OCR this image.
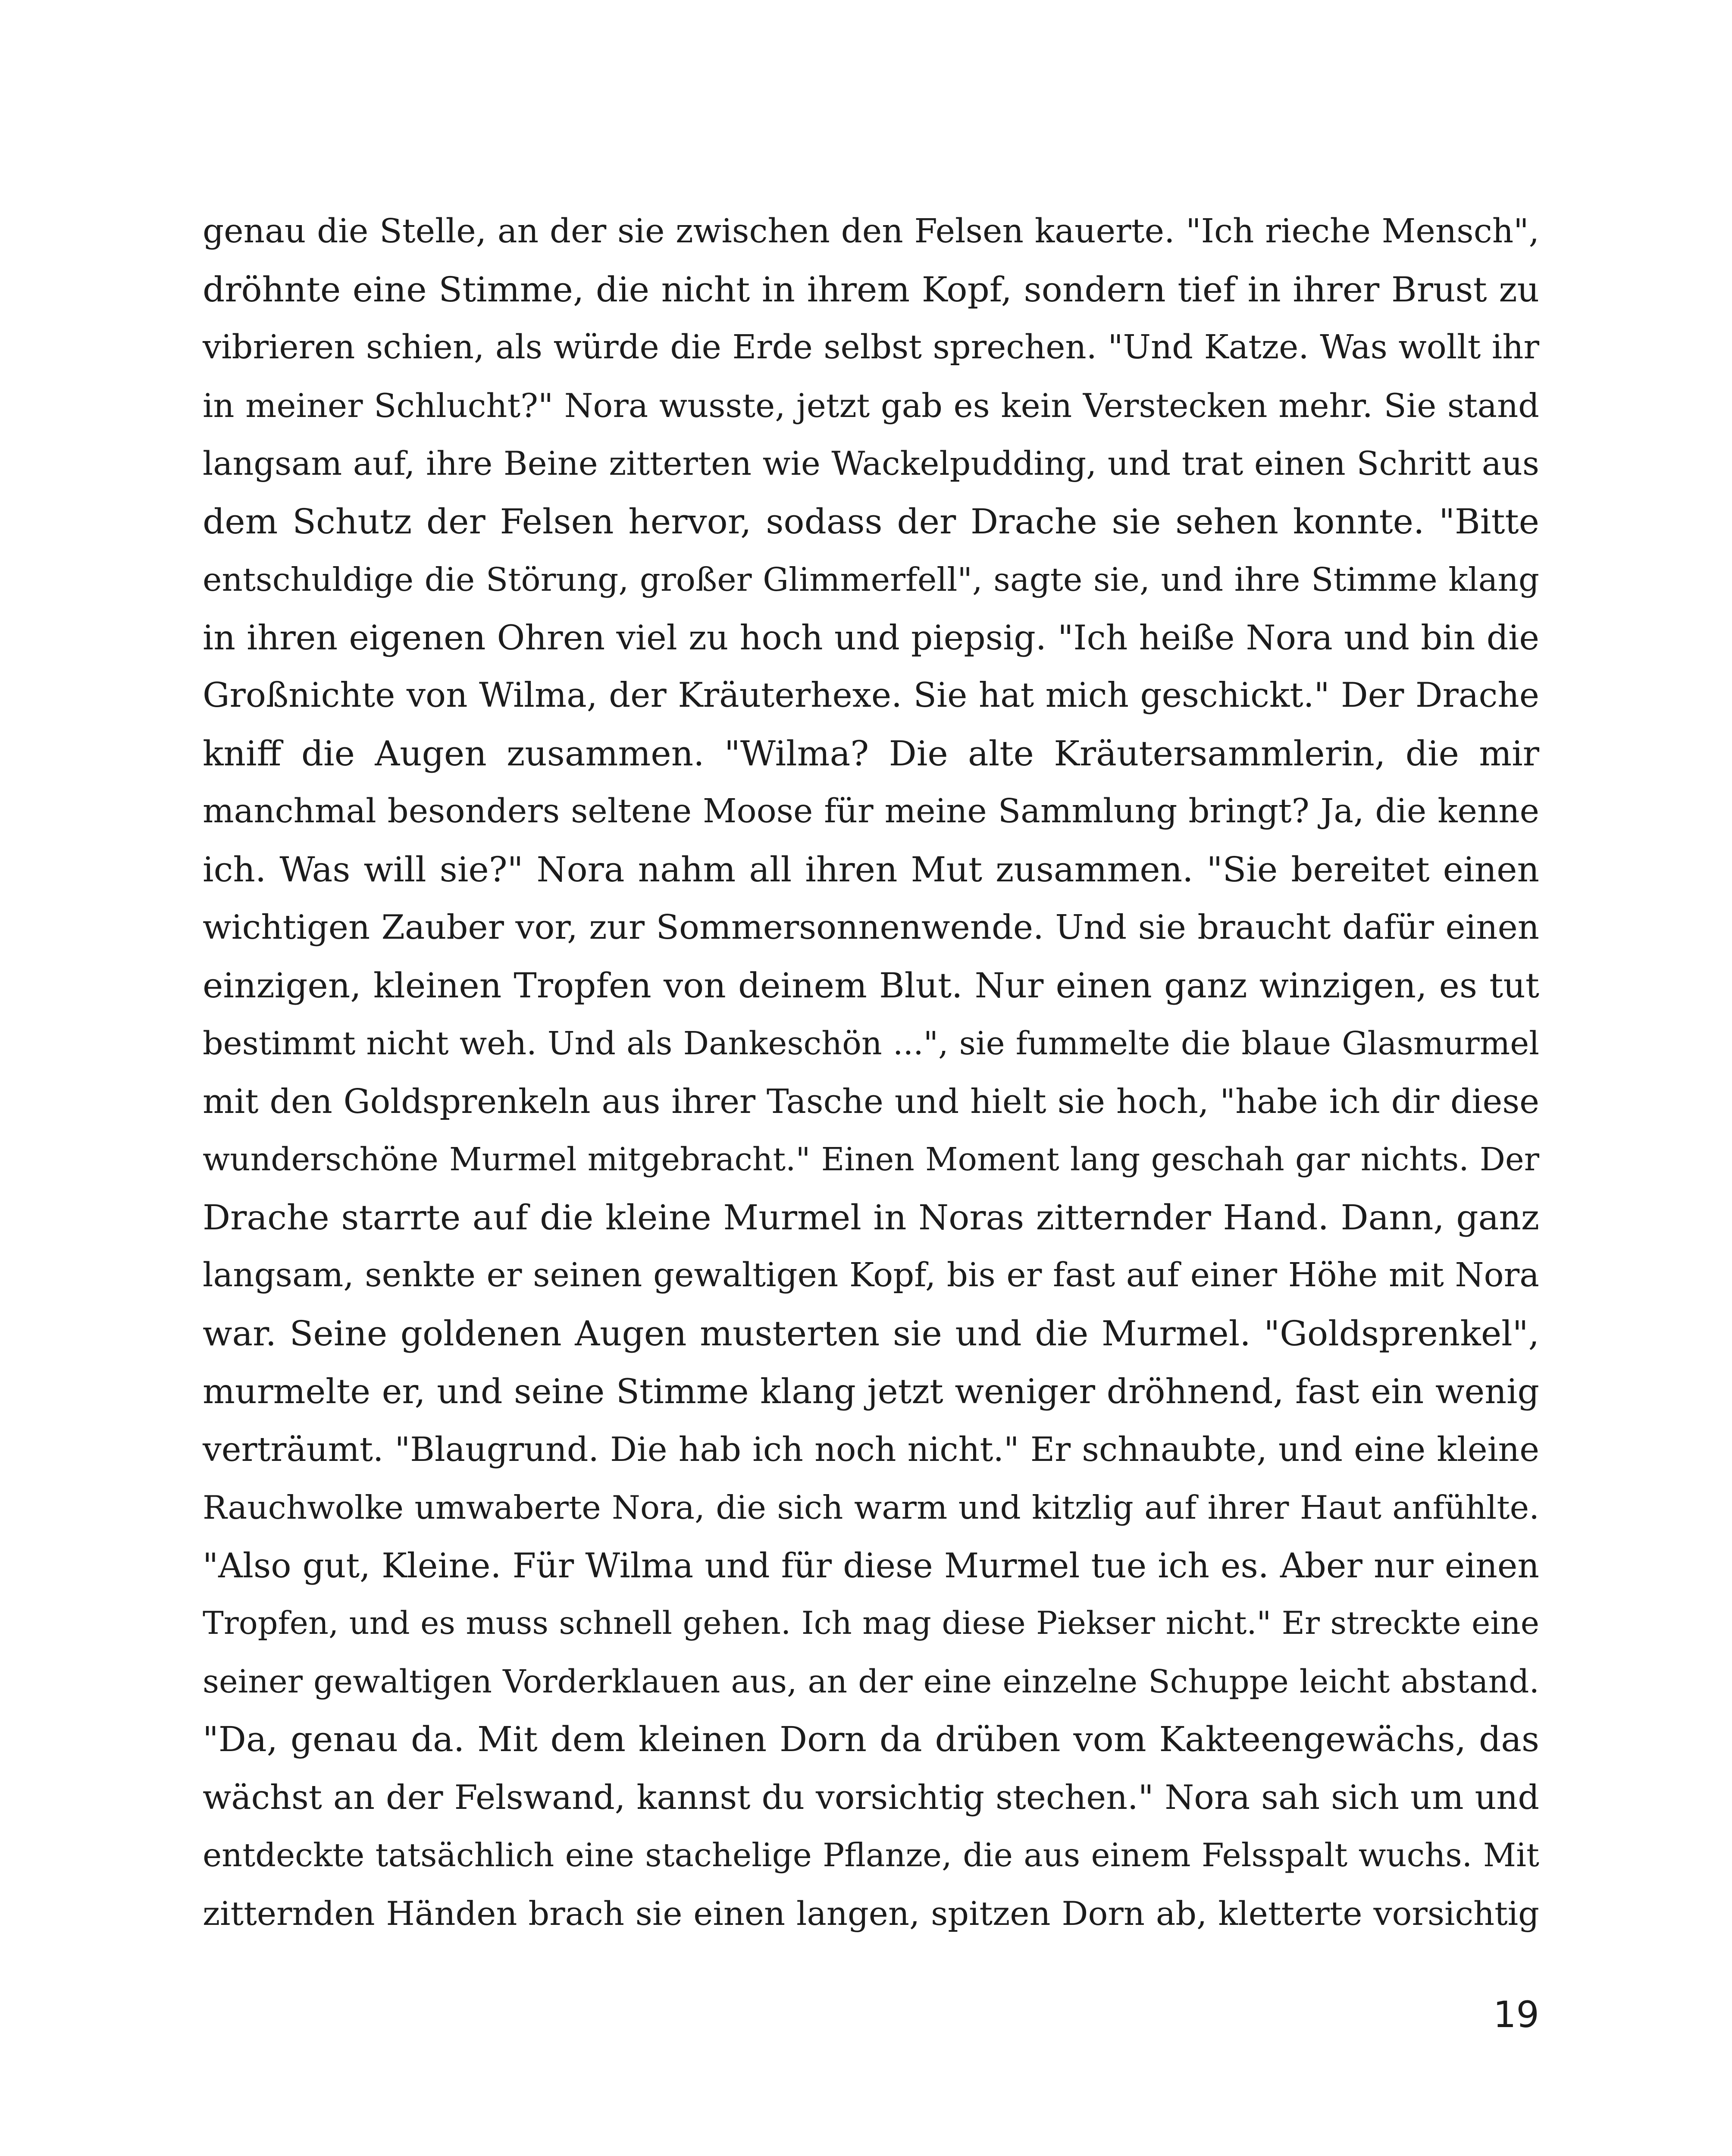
genau die Stelle, an der sie zwischen den Felsen kauerte. "Ich rieche Mensch",
dröhnte eine Stimme, die nicht in ihrem Kopf, sondern tief in ihrer Brust zu
vibrieren schien, als würde die Erde selbst sprechen. "Und Katze. Was wollt ihr
in meiner Schlucht?" Nora wusste, jetzt gab es kein Verstecken mehr. Sie stand
langsam auf, ihre Beine zitterten wie Wackelpudding, und trat einen Schritt aus
dem Schutz der Felsen hervor, sodass der Drache sie sehen konnte. "Bitte
entschuldige die Störung, großer Glimmerfell", sagte sie, und ihre Stimme klang
in ihren eigenen Ohren viel zu hoch und piepsig. "Ich heiße Nora und bin die
Großnichte von Wilma, der Kräuterhexe. Sie hat mich geschickt." Der Drache
kniff die Augen zusammen. "Wilma? Die alte Kräutersammlerin, die mir
manchmal besonders seltene Moose für meine Sammlung bringt? Ja, die kenne
ich. Was will sie?" Nora nahm all ihren Mut zusammen. "Sie bereitet einen
wichtigen Zauber vor, zur Sommersonnenwende. Und sie braucht dafür einen
einzigen, kleinen Tropfen von deinem Blut. Nur einen ganz winzigen, es tut
bestimmt nicht weh. Und als Dankeschön ...", sie fummelte die blaue Glasmurmel
mit den Goldsprenkeln aus ihrer Tasche und hielt sie hoch, "habe ich dir diese
wunderschöne Murmel mitgebracht." Einen Moment lang geschah gar nichts. Der
Drache starrte auf die kleine Murmel in Noras zitternder Hand. Dann, ganz
langsam, senkte er seinen gewaltigen Kopf, bis er fast auf einer Höhe mit Nora
war. Seine goldenen Augen musterten sie und die Murmel. "Goldsprenkel",
murmelte er, und seine Stimme klang jetzt weniger dröhnend, fast ein wenig
verträumt. "Blaugrund. Die hab ich noch nicht." Er schnaubte, und eine kleine
Rauchwolke umwaberte Nora, die sich warm und kitzlig auf ihrer Haut anfühlte.
"Also gut, Kleine. Für Wilma und für diese Murmel tue ich es. Aber nur einen
Tropfen, und es muss schnell gehen. Ich mag diese Piekser nicht." Er streckte eine
seiner gewaltigen Vorderklauen aus, an der eine einzelne Schuppe leicht abstand.
"Da, genau da. Mit dem kleinen Dorn da drüben vom Kakteengewächs, das
wächst an der Felswand, kannst du vorsichtig stechen." Nora sah sich um und
entdeckte tatsächlich eine stachelige Pflanze, die aus einem Felsspalt wuchs. Mit
zitternden Händen brach sie einen langen, spitzen Dorn ab, kletterte vorsichtig
19
